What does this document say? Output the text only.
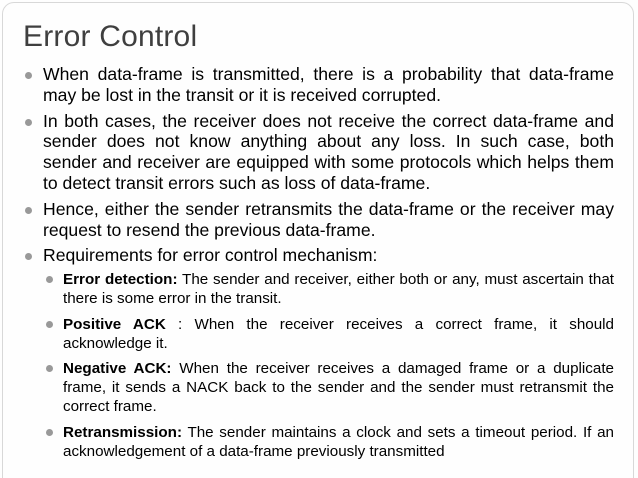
Error Control
When data-frame is transmitted, there is a probability that data-frame may be lost in the transit or it is received corrupted.
In both cases, the receiver does not receive the correct data-frame and sender does not know anything about any loss. In such case, both sender and receiver are equipped with some protocols which helps them to detect transit errors such as loss of data-frame.
Hence, either the sender retransmits the data-frame or the receiver may request to resend the previous data-frame.
Requirements for error control mechanism:
Error detection: The sender and receiver, either both or any, must ascertain that there is some error in the transit.
Positive ACK : When the receiver receives a correct frame, it should acknowledge it.
Negative ACK: When the receiver receives a damaged frame or a duplicate frame, it sends a NACK back to the sender and the sender must retransmit the correct frame.
Retransmission: The sender maintains a clock and sets a timeout period. If an acknowledgement of a data-frame previously transmitted
